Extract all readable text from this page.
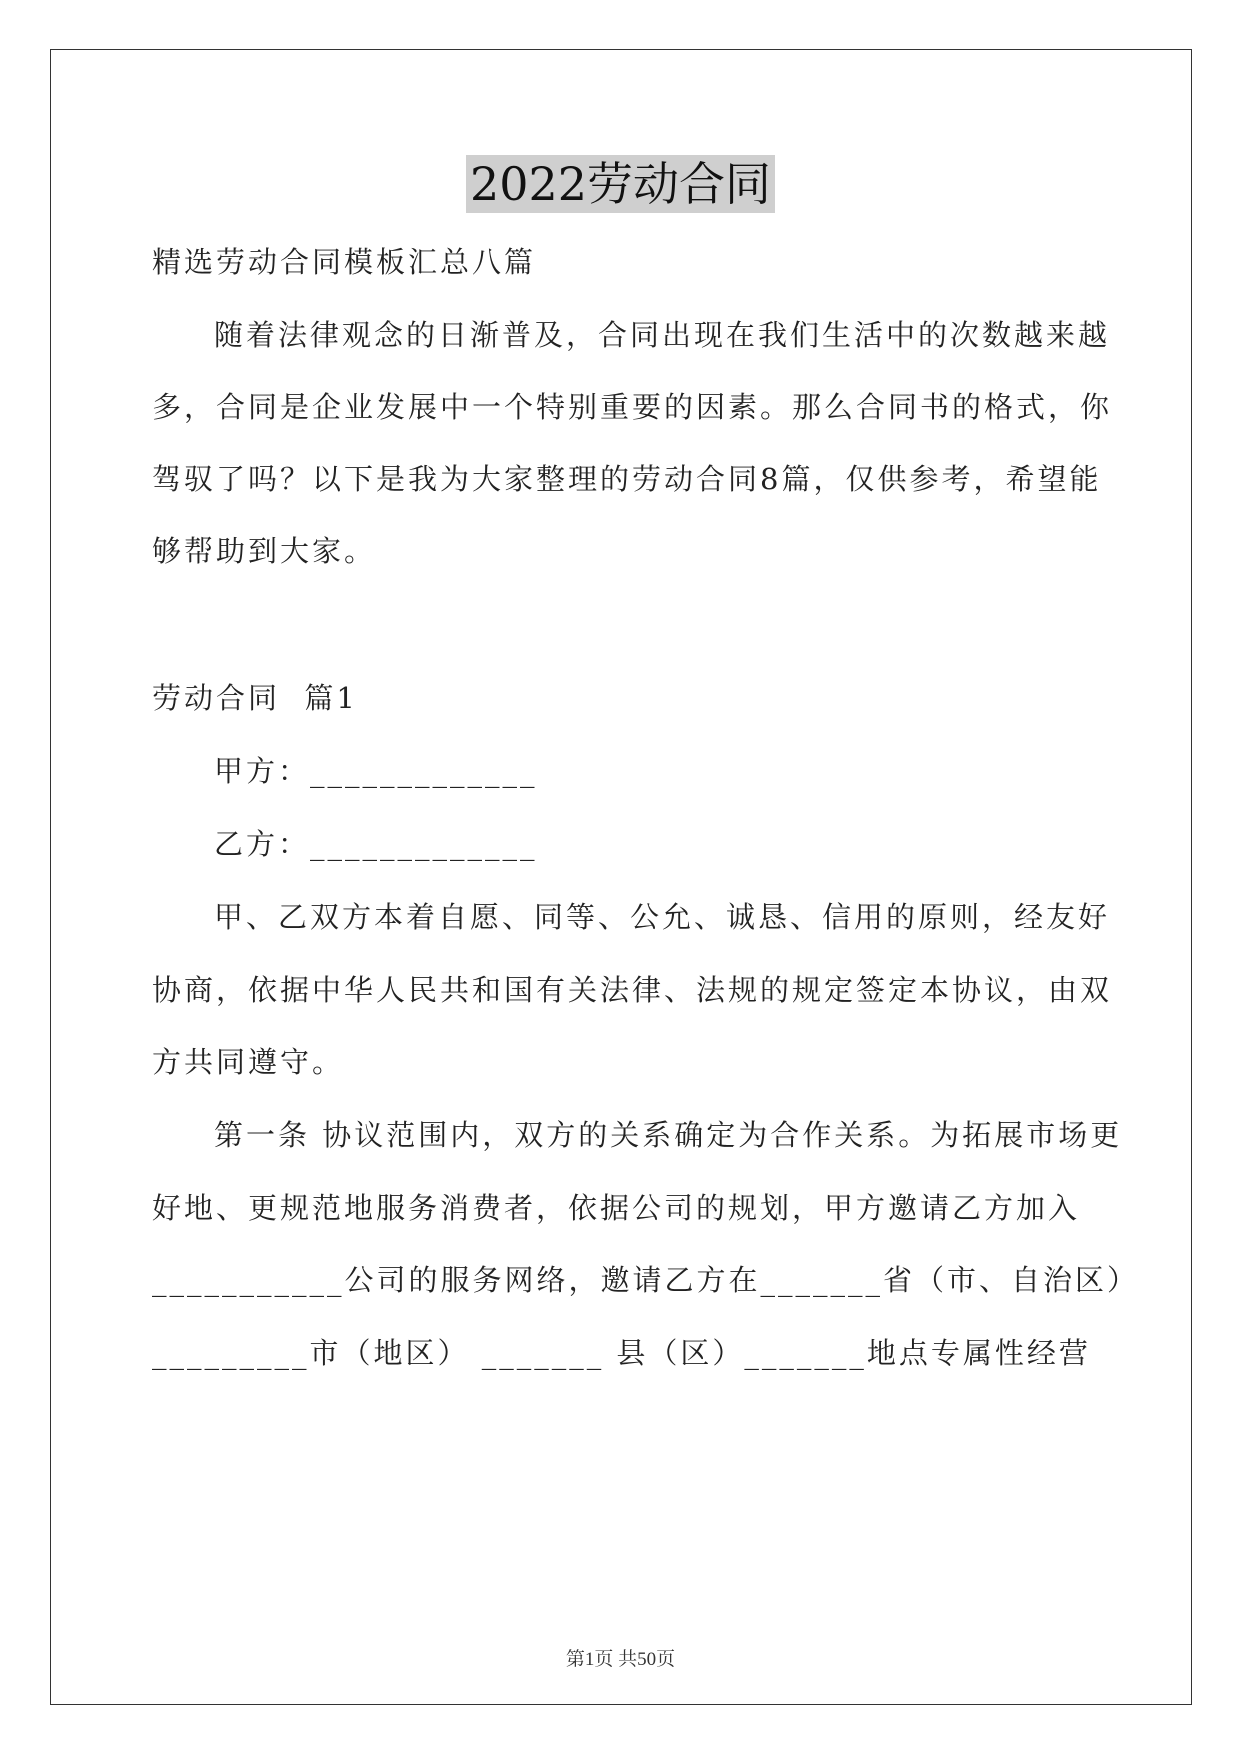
2022劳动合同
精选劳动合同模板汇总八篇
随着法律观念的日渐普及，合同出现在我们生活中的次数越来越
多，合同是企业发展中一个特别重要的因素。那么合同书的格式，你
驾驭了吗？以下是我为大家整理的劳动合同8篇，仅供参考，希望能
够帮助到大家。
劳动合同  篇1
甲方：_____________
乙方：_____________
甲、乙双方本着自愿、同等、公允、诚恳、信用的原则，经友好
协商，依据中华人民共和国有关法律、法规的规定签定本协议，由双
方共同遵守。
第一条 协议范围内，双方的关系确定为合作关系。为拓展市场更
好地、更规范地服务消费者，依据公司的规划，甲方邀请乙方加入
___________公司的服务网络，邀请乙方在_______省（市、自治区）
_________市（地区） _______ 县（区）_______地点专属性经营
第1页 共50页
